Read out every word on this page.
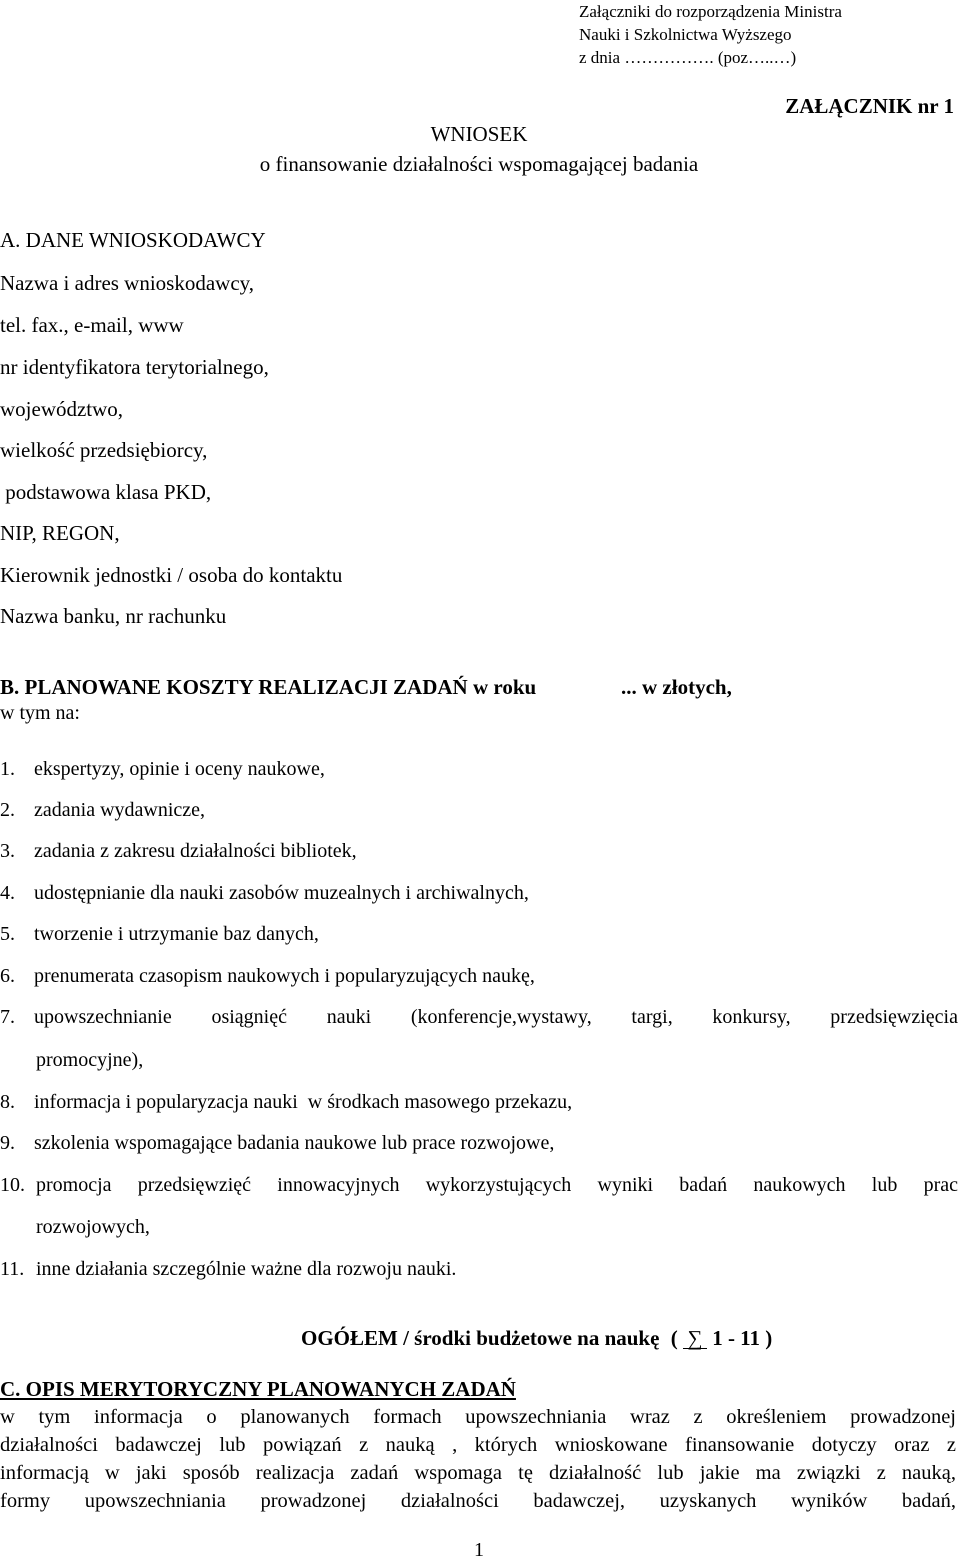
Załączniki do rozporządzenia Ministra
Nauki i Szkolnictwa Wyższego
z dnia ……………. (poz…..…)
ZAŁĄCZNIK nr 1
WNIOSEK
o finansowanie działalności wspomagającej badania
A. DANE WNIOSKODAWCY
Nazwa i adres wnioskodawcy,
tel. fax., e-mail, www
nr identyfikatora terytorialnego,
województwo,
wielkość przedsiębiorcy,
podstawowa klasa PKD,
NIP, REGON,
Kierownik jednostki / osoba do kontaktu
Nazwa banku, nr rachunku
B. PLANOWANE KOSZTY REALIZACJI ZADAŃ w roku	... w złotych,
w tym na:
1. ekspertyzy, opinie i oceny naukowe,
2. zadania wydawnicze,
3. zadania z zakresu działalności bibliotek,
4. udostępnianie dla nauki zasobów muzealnych i archiwalnych,
5. tworzenie i utrzymanie baz danych,
6. prenumerata czasopism naukowych i popularyzujących naukę,
7. upowszechnianie osiągnięć nauki (konferencje,wystawy, targi, konkursy, przedsięwzięcia
promocyjne),
8. informacja i popularyzacja nauki  w środkach masowego przekazu,
9. szkolenia wspomagające badania naukowe lub prace rozwojowe,
10. promocja przedsięwzięć innowacyjnych wykorzystujących wyniki badań naukowych lub prac
rozwojowych,
11. inne działania szczególnie ważne dla rozwoju nauki.
OGÓŁEM / środki budżetowe na naukę ( ∑ 1 - 11 )
C. OPIS MERYTORYCZNY PLANOWANYCH ZADAŃ
w tym informacja o planowanych formach upowszechniania wraz z określeniem prowadzonej
działalności badawczej lub powiązań z nauką , których wnioskowane finansowanie dotyczy oraz z
informacją w jaki sposób realizacja zadań wspomaga tę działalność lub jakie ma związki z nauką,
formy upowszechniania prowadzonej działalności badawczej, uzyskanych wyników badań,
1
